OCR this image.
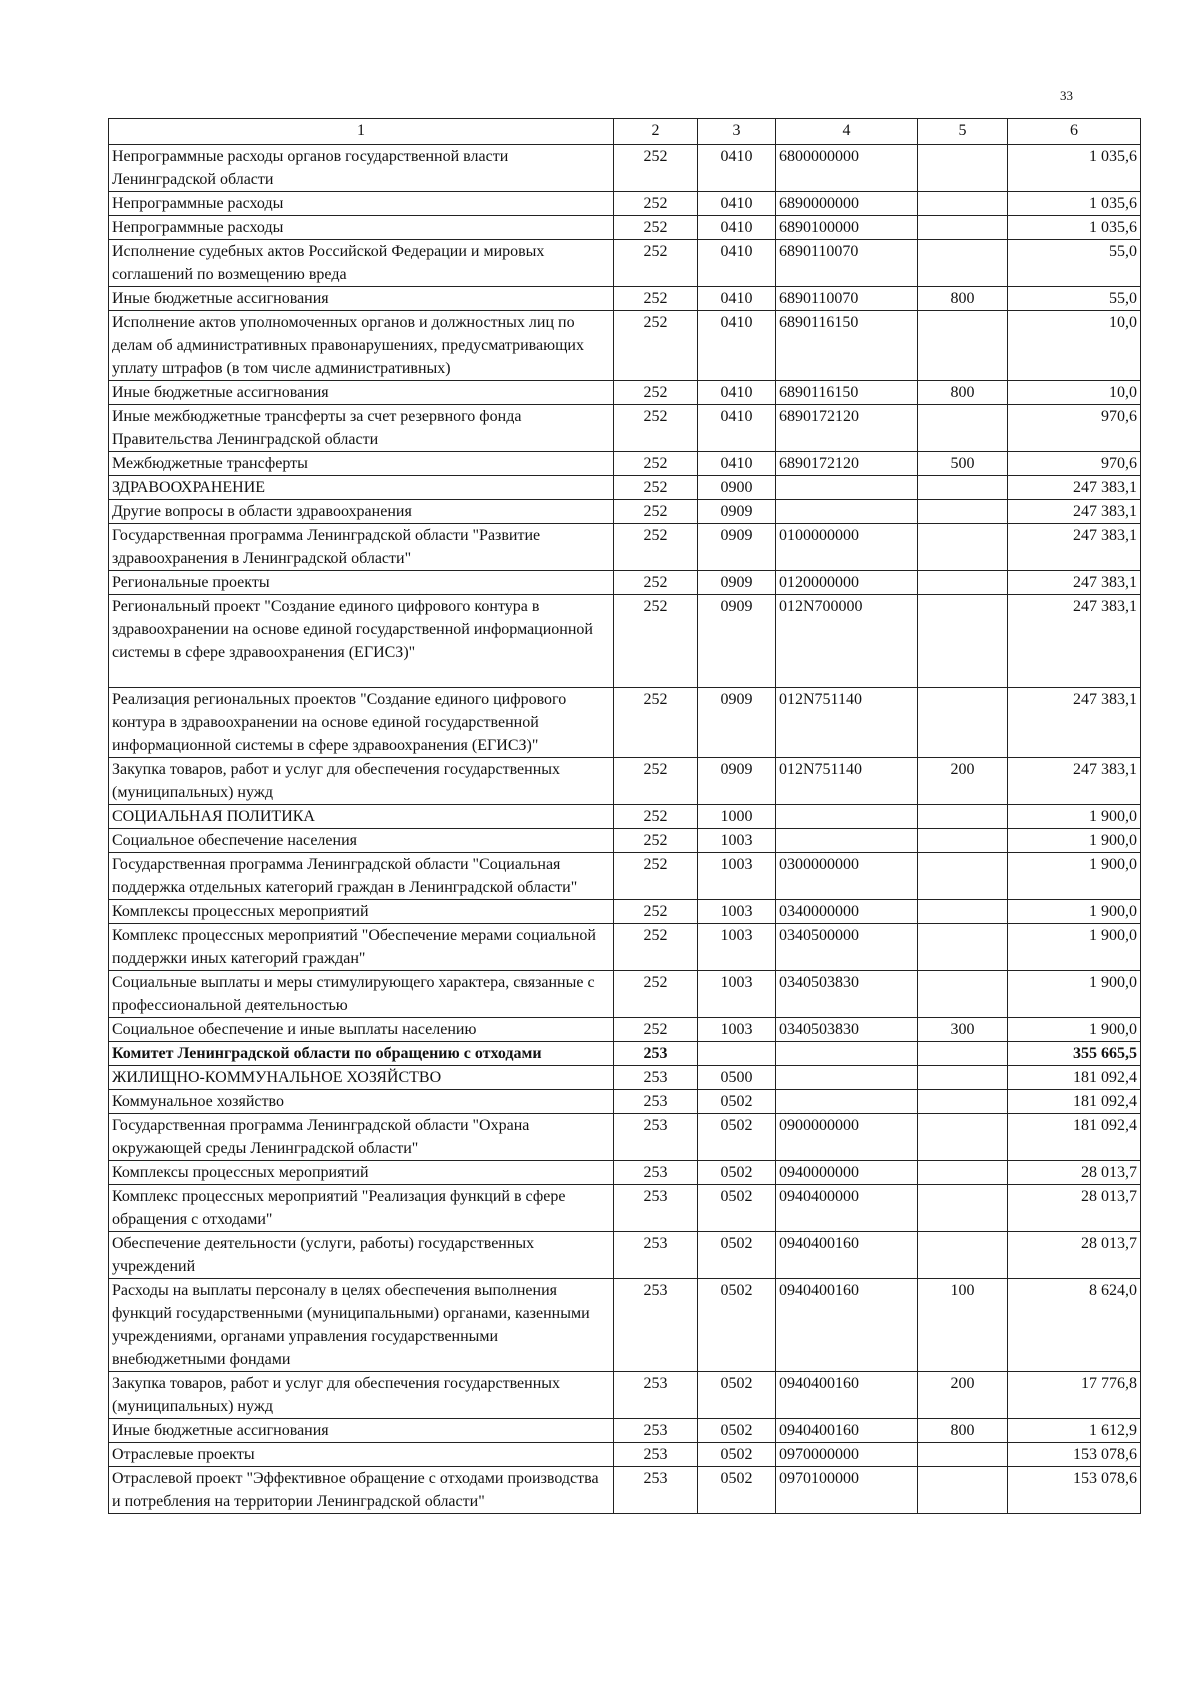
33
1	2	3	4	5	6
Непрограммные расходы органов государственной власти Ленинградской области	252	0410	6800000000		1 035,6
Непрограммные расходы	252	0410	6890000000		1 035,6
Непрограммные расходы	252	0410	6890100000		1 035,6
Исполнение судебных актов Российской Федерации и мировых соглашений по возмещению вреда	252	0410	6890110070		55,0
Иные бюджетные ассигнования	252	0410	6890110070	800	55,0
Исполнение актов уполномоченных органов и должностных лиц по делам об административных правонарушениях, предусматривающих уплату штрафов (в том числе административных)	252	0410	6890116150		10,0
Иные бюджетные ассигнования	252	0410	6890116150	800	10,0
Иные межбюджетные трансферты за счет резервного фонда Правительства Ленинградской области	252	0410	6890172120		970,6
Межбюджетные трансферты	252	0410	6890172120	500	970,6
ЗДРАВООХРАНЕНИЕ	252	0900			247 383,1
Другие вопросы в области здравоохранения	252	0909			247 383,1
Государственная программа Ленинградской области "Развитие здравоохранения в Ленинградской области"	252	0909	0100000000		247 383,1
Региональные проекты	252	0909	0120000000		247 383,1
Региональный проект "Создание единого цифрового контура в здравоохранении на основе единой государственной информационной системы в сфере здравоохранения (ЕГИСЗ)"	252	0909	012N700000		247 383,1
Реализация региональных проектов "Создание единого цифрового контура в здравоохранении на основе единой государственной информационной системы в сфере здравоохранения (ЕГИСЗ)"	252	0909	012N751140		247 383,1
Закупка товаров, работ и услуг для обеспечения государственных (муниципальных) нужд	252	0909	012N751140	200	247 383,1
СОЦИАЛЬНАЯ ПОЛИТИКА	252	1000			1 900,0
Социальное обеспечение населения	252	1003			1 900,0
Государственная программа Ленинградской области "Социальная поддержка отдельных категорий граждан в Ленинградской области"	252	1003	0300000000		1 900,0
Комплексы процессных мероприятий	252	1003	0340000000		1 900,0
Комплекс процессных мероприятий "Обеспечение мерами социальной поддержки иных категорий граждан"	252	1003	0340500000		1 900,0
Социальные выплаты и меры стимулирующего характера, связанные с профессиональной деятельностью	252	1003	0340503830		1 900,0
Социальное обеспечение и иные выплаты населению	252	1003	0340503830	300	1 900,0
Комитет Ленинградской области по обращению с отходами	253				355 665,5
ЖИЛИЩНО-КОММУНАЛЬНОЕ ХОЗЯЙСТВО	253	0500			181 092,4
Коммунальное хозяйство	253	0502			181 092,4
Государственная программа Ленинградской области "Охрана окружающей среды Ленинградской области"	253	0502	0900000000		181 092,4
Комплексы процессных мероприятий	253	0502	0940000000		28 013,7
Комплекс процессных мероприятий "Реализация функций в сфере обращения с отходами"	253	0502	0940400000		28 013,7
Обеспечение деятельности (услуги, работы) государственных учреждений	253	0502	0940400160		28 013,7
Расходы на выплаты персоналу в целях обеспечения выполнения функций государственными (муниципальными) органами, казенными учреждениями, органами управления государственными внебюджетными фондами	253	0502	0940400160	100	8 624,0
Закупка товаров, работ и услуг для обеспечения государственных (муниципальных) нужд	253	0502	0940400160	200	17 776,8
Иные бюджетные ассигнования	253	0502	0940400160	800	1 612,9
Отраслевые проекты	253	0502	0970000000		153 078,6
Отраслевой проект "Эффективное обращение с отходами производства и потребления на территории Ленинградской области"	253	0502	0970100000		153 078,6
